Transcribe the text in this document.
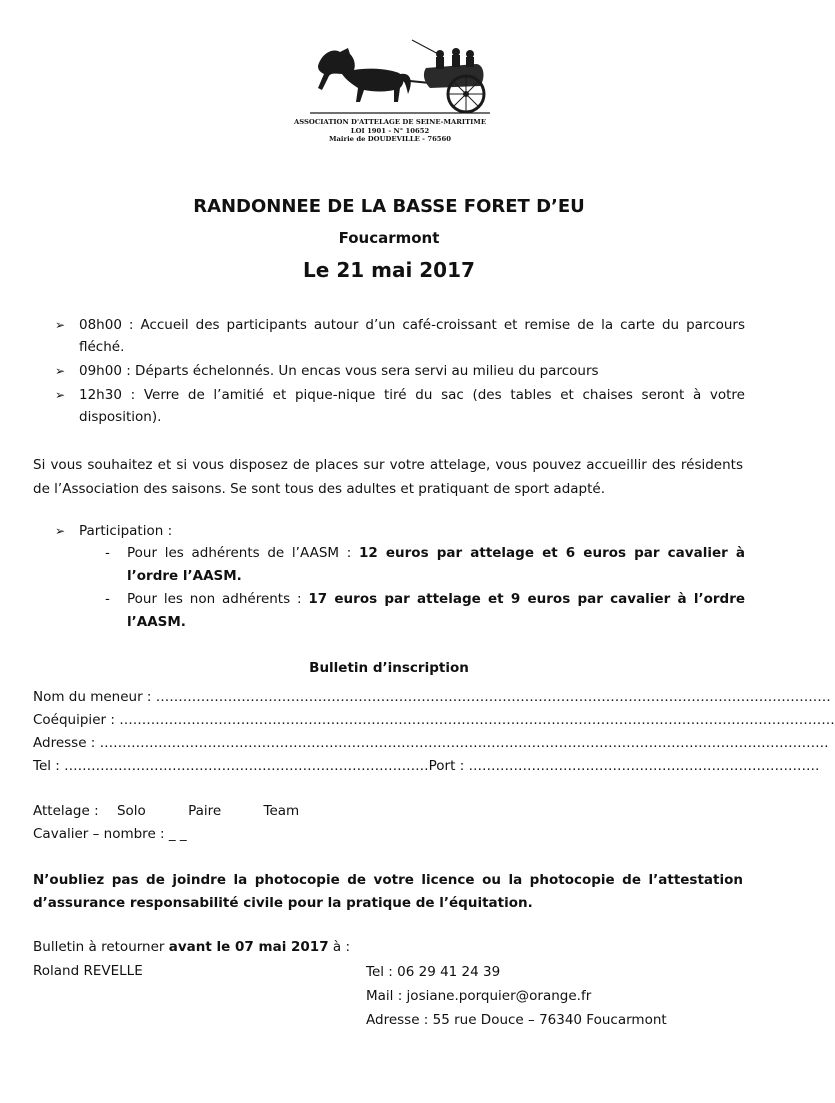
ASSOCIATION D'ATTELAGE DE SEINE-MARITIME
LOI 1901 - N° 10652
Mairie de DOUDEVILLE - 76560
RANDONNEE DE LA BASSE FORET D’EU
Foucarmont
Le 21 mai 2017
➢ 08h00 : Accueil des participants autour d’un café-croissant et remise de la carte du parcours fléché.
➢ 09h00 : Départs échelonnés. Un encas vous sera servi au milieu du parcours
➢ 12h30 : Verre de l’amitié et pique-nique tiré du sac (des tables et chaises seront à votre disposition).
Si vous souhaitez et si vous disposez de places sur votre attelage, vous pouvez accueillir des résidents de l’Association des saisons. Se sont tous des adultes et pratiquant de sport adapté.
➢ Participation :
- Pour les adhérents de l’AASM : 12 euros par attelage et 6 euros par cavalier à l’ordre l’AASM.
- Pour les non adhérents : 17 euros par attelage et 9 euros par cavalier à l’ordre l’AASM.
Bulletin d’inscription
Nom du meneur : ……………………………………………………………………………………………………………………………………
Coéquipier : ……………………………………………………………………………………………………………………………………………
Adresse : ………………………………………………………………………………………………………………………………………………
Tel : ………………………………………………………………………Port : ……………………………………………………………………
Attelage : Solo	Paire	Team
Cavalier – nombre : _ _
N’oubliez pas de joindre la photocopie de votre licence ou la photocopie de l’attestation d’assurance responsabilité civile pour la pratique de l’équitation.
Bulletin à retourner avant le 07 mai 2017 à :
Roland REVELLE	Tel : 06 29 41 24 39
Mail : josiane.porquier@orange.fr
Adresse : 55 rue Douce – 76340 Foucarmont
